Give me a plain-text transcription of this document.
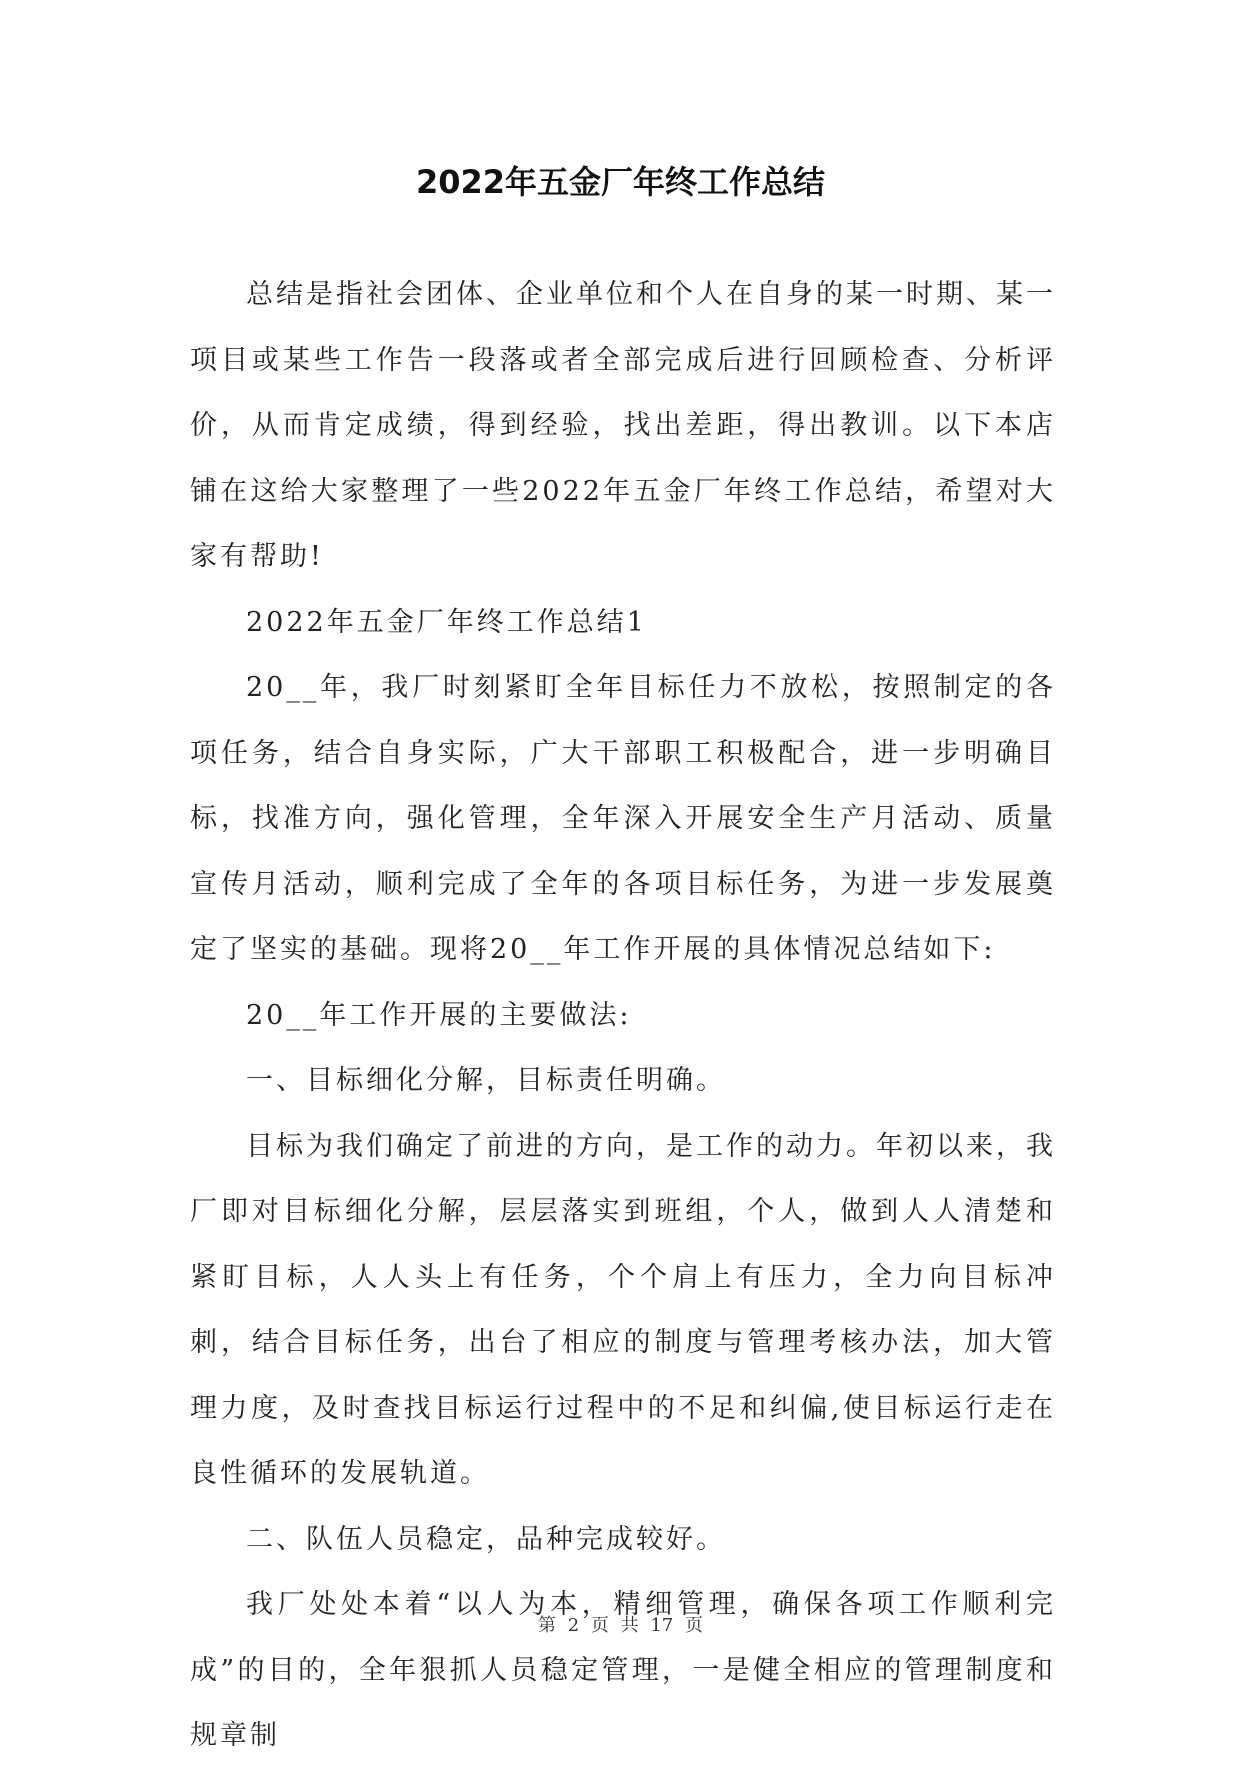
2022年五金厂年终工作总结

总结是指社会团体、企业单位和个人在自身的某一时期、某一项目或某些工作告一段落或者全部完成后进行回顾检查、分析评价，从而肯定成绩，得到经验，找出差距，得出教训。以下本店铺在这给大家整理了一些2022年五金厂年终工作总结，希望对大家有帮助!

2022年五金厂年终工作总结1

20__年，我厂时刻紧盯全年目标任力不放松，按照制定的各项任务，结合自身实际，广大干部职工积极配合，进一步明确目标，找准方向，强化管理，全年深入开展安全生产月活动、质量宣传月活动，顺利完成了全年的各项目标任务，为进一步发展奠定了坚实的基础。现将20__年工作开展的具体情况总结如下:

20__年工作开展的主要做法:

一、目标细化分解，目标责任明确。

目标为我们确定了前进的方向，是工作的动力。年初以来，我厂即对目标细化分解，层层落实到班组，个人，做到人人清楚和紧盯目标，人人头上有任务，个个肩上有压力，全力向目标冲刺，结合目标任务，出台了相应的制度与管理考核办法，加大管理力度，及时查找目标运行过程中的不足和纠偏,使目标运行走在良性循环的发展轨道。

二、队伍人员稳定，品种完成较好。

我厂处处本着“以人为本，精细管理，确保各项工作顺利完成”的目的，全年狠抓人员稳定管理，一是健全相应的管理制度和规章制

第 2 页 共 17 页
